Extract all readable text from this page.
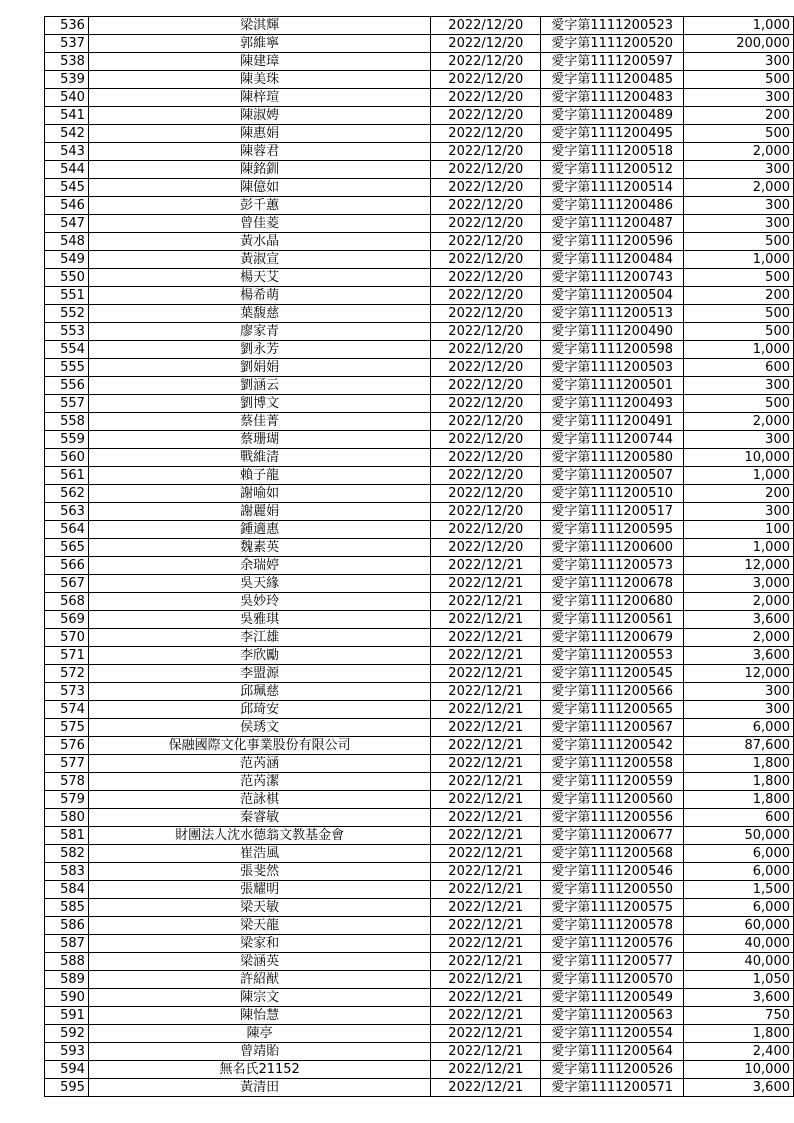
536	梁淇輝	2022/12/20	愛字第1111200523	1,000
537	郭維寧	2022/12/20	愛字第1111200520	200,000
538	陳建璋	2022/12/20	愛字第1111200597	300
539	陳美珠	2022/12/20	愛字第1111200485	500
540	陳梓瑄	2022/12/20	愛字第1111200483	300
541	陳淑娉	2022/12/20	愛字第1111200489	200
542	陳惠娟	2022/12/20	愛字第1111200495	500
543	陳蓉君	2022/12/20	愛字第1111200518	2,000
544	陳銘釧	2022/12/20	愛字第1111200512	300
545	陳億如	2022/12/20	愛字第1111200514	2,000
546	彭千蕙	2022/12/20	愛字第1111200486	300
547	曾佳菱	2022/12/20	愛字第1111200487	300
548	黃水晶	2022/12/20	愛字第1111200596	500
549	黃淑宣	2022/12/20	愛字第1111200484	1,000
550	楊天艾	2022/12/20	愛字第1111200743	500
551	楊希萌	2022/12/20	愛字第1111200504	200
552	葉馥慈	2022/12/20	愛字第1111200513	500
553	廖家青	2022/12/20	愛字第1111200490	500
554	劉永芳	2022/12/20	愛字第1111200598	1,000
555	劉娟娟	2022/12/20	愛字第1111200503	600
556	劉涵云	2022/12/20	愛字第1111200501	300
557	劉博文	2022/12/20	愛字第1111200493	500
558	蔡佳菁	2022/12/20	愛字第1111200491	2,000
559	蔡珊瑚	2022/12/20	愛字第1111200744	300
560	戰維清	2022/12/20	愛字第1111200580	10,000
561	賴子龍	2022/12/20	愛字第1111200507	1,000
562	謝喻如	2022/12/20	愛字第1111200510	200
563	謝麗娟	2022/12/20	愛字第1111200517	300
564	鍾適惠	2022/12/20	愛字第1111200595	100
565	魏素英	2022/12/20	愛字第1111200600	1,000
566	余瑞婷	2022/12/21	愛字第1111200573	12,000
567	吳天緣	2022/12/21	愛字第1111200678	3,000
568	吳妙玲	2022/12/21	愛字第1111200680	2,000
569	吳雅琪	2022/12/21	愛字第1111200561	3,600
570	李江雄	2022/12/21	愛字第1111200679	2,000
571	李欣勵	2022/12/21	愛字第1111200553	3,600
572	李盟源	2022/12/21	愛字第1111200545	12,000
573	邱珮慈	2022/12/21	愛字第1111200566	300
574	邱琦安	2022/12/21	愛字第1111200565	300
575	侯琇文	2022/12/21	愛字第1111200567	6,000
576	保融國際文化事業股份有限公司	2022/12/21	愛字第1111200542	87,600
577	范芮涵	2022/12/21	愛字第1111200558	1,800
578	范芮潔	2022/12/21	愛字第1111200559	1,800
579	范詠棋	2022/12/21	愛字第1111200560	1,800
580	秦睿敏	2022/12/21	愛字第1111200556	600
581	財團法人沈水德翁文教基金會	2022/12/21	愛字第1111200677	50,000
582	崔浩風	2022/12/21	愛字第1111200568	6,000
583	張斐然	2022/12/21	愛字第1111200546	6,000
584	張耀明	2022/12/21	愛字第1111200550	1,500
585	梁天敏	2022/12/21	愛字第1111200575	6,000
586	梁天龍	2022/12/21	愛字第1111200578	60,000
587	梁家和	2022/12/21	愛字第1111200576	40,000
588	梁涵英	2022/12/21	愛字第1111200577	40,000
589	許紹猷	2022/12/21	愛字第1111200570	1,050
590	陳宗文	2022/12/21	愛字第1111200549	3,600
591	陳怡慧	2022/12/21	愛字第1111200563	750
592	陳亭	2022/12/21	愛字第1111200554	1,800
593	曾靖貽	2022/12/21	愛字第1111200564	2,400
594	無名氏21152	2022/12/21	愛字第1111200526	10,000
595	黃清田	2022/12/21	愛字第1111200571	3,600
